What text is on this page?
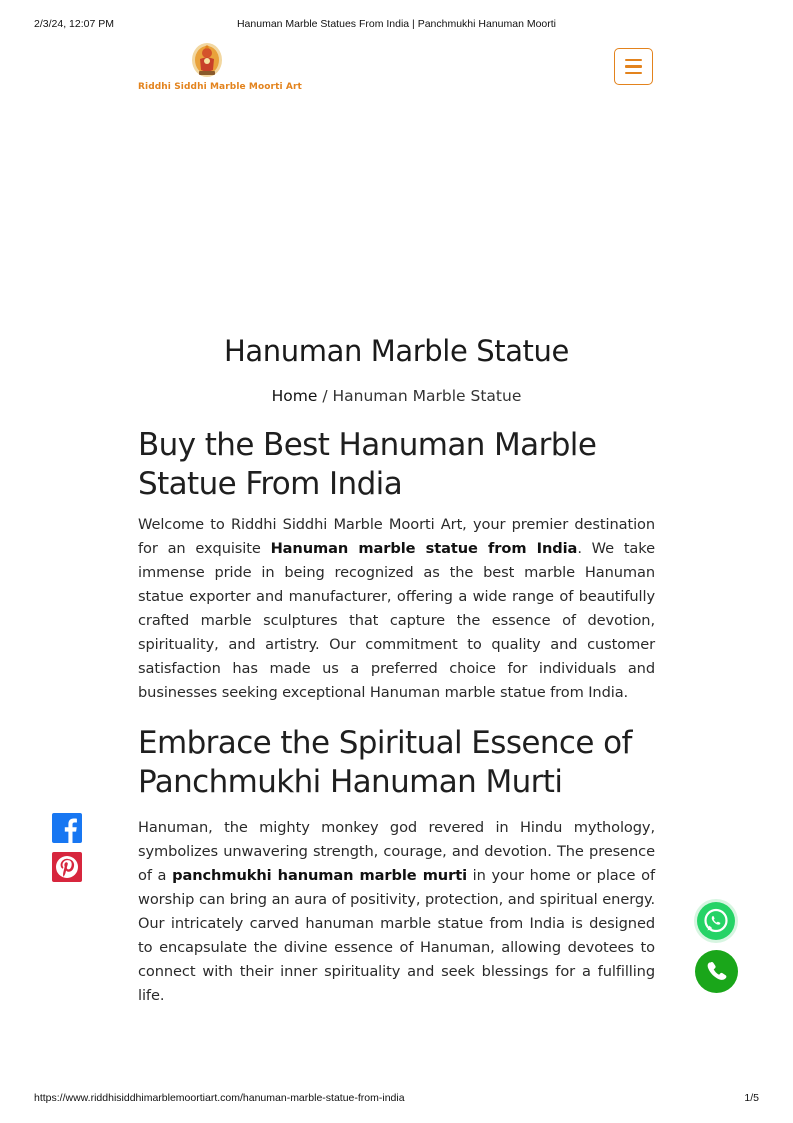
2/3/24, 12:07 PM	Hanuman Marble Statues From India | Panchmukhi Hanuman Moorti
Riddhi Siddhi Marble Moorti Art
Hanuman Marble Statue
Home / Hanuman Marble Statue
Buy the Best Hanuman Marble
Statue From India

Welcome to Riddhi Siddhi Marble Moorti Art, your premier destination for an exquisite Hanuman marble statue from India. We take immense pride in being recognized as the best marble Hanuman statue exporter and manufacturer, offering a wide range of beautifully crafted marble sculptures that capture the essence of devotion, spirituality, and artistry. Our commitment to quality and customer satisfaction has made us a preferred choice for individuals and businesses seeking exceptional Hanuman marble statue from India.

Embrace the Spiritual Essence of
Panchmukhi Hanuman Murti

Hanuman, the mighty monkey god revered in Hindu mythology, symbolizes unwavering strength, courage, and devotion. The presence of a panchmukhi hanuman marble murti in your home or place of worship can bring an aura of positivity, protection, and spiritual energy. Our intricately carved hanuman marble statue from India is designed to encapsulate the divine essence of Hanuman, allowing devotees to connect with their inner spirituality and seek blessings for a fulfilling life.

https://www.riddhisiddhimarblemoortiart.com/hanuman-marble-statue-from-india	1/5
